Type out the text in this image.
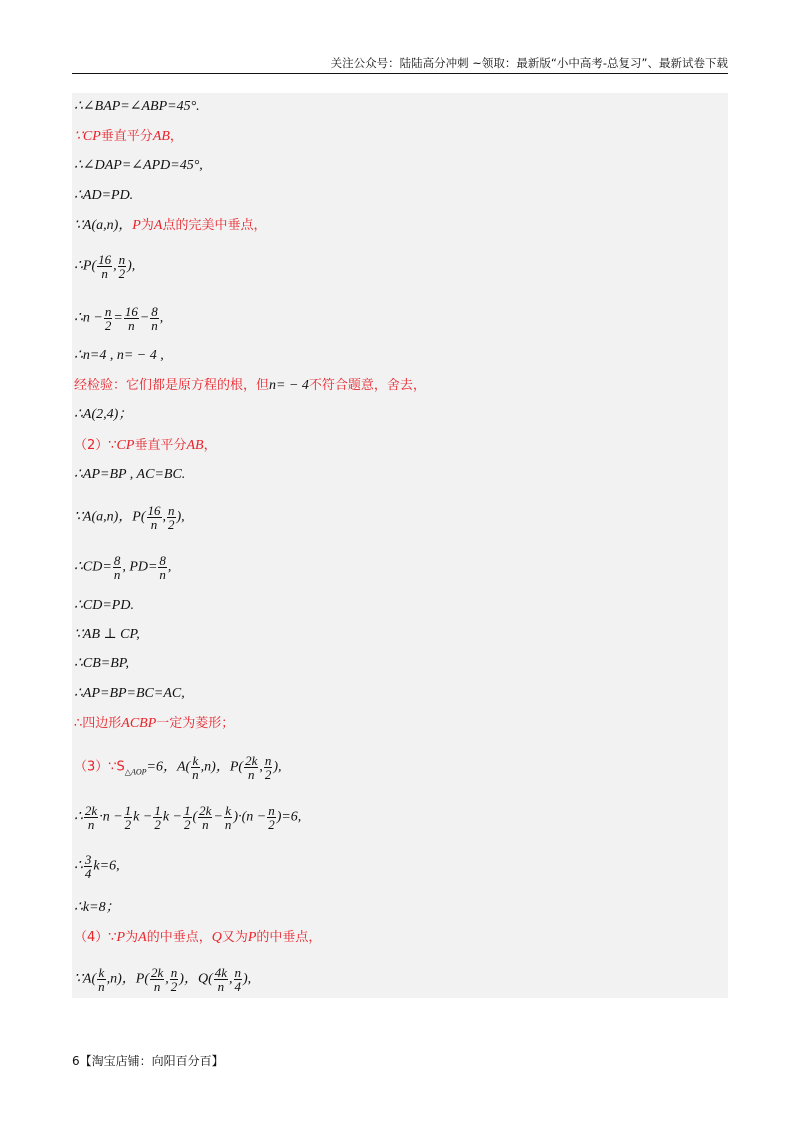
关注公众号：陆陆高分冲刺 ~领取：最新版“小中高考-总复习”、最新试卷下载
∴∠BAP=∠ABP=45°.
∵CP垂直平分AB，
∴∠DAP=∠APD=45°,
∴AD=PD.
∵A(a,n)，P为A点的完美中垂点，
∴P( $\frac{16}{n}$ , $\frac{n}{2}$ ),
∴n − $\frac{n}{2} = \frac{16}{n} - \frac{8}{n}$ ,
∴n=4 , n= − 4 ,
经检验：它们都是原方程的根，但n= − 4不符合题意，舍去，
∴A(2,4)；
（2）∵CP垂直平分AB，
∴AP=BP , AC=BC.
∵A(a,n)，$P( \frac{16}{n}$ , $\frac{n}{2}$ ),
∴CD= $\frac{8}{n}$ , $PD= \frac{8}{n}$ ,
∴CD=PD.
∵AB ⊥ CP,
∴CB=BP,
∴AP=BP=BC=AC,
∴四边形ACBP一定为菱形；
$(3)\because S_{\triangle AOP}=6$，$A( \frac{k}{n} ,n)$，$P( \frac{2k}{n}$ , $\frac{n}{2}$ ),
∴ $\frac{2k}{n} \cdot n - \frac{1}{2}$ $k - \frac{1}{2}$ $k - \frac{1}{2}$ ( $\frac{2k}{n} - \frac{k}{n} )\cdot(n - \frac{n}{2} )=6$,
∴ $\frac{3}{4} k=6$,
∴k=8；
（4）∵P为A的中垂点，Q又为P的中垂点，
∵A( $\frac{k}{n} ,n$)，$P( \frac{2k}{n}$ , $\frac{n}{2}$ )，$Q( \frac{4k}{n}$ , $\frac{n}{4}$ ),
6【淘宝店铺：向阳百分百】
